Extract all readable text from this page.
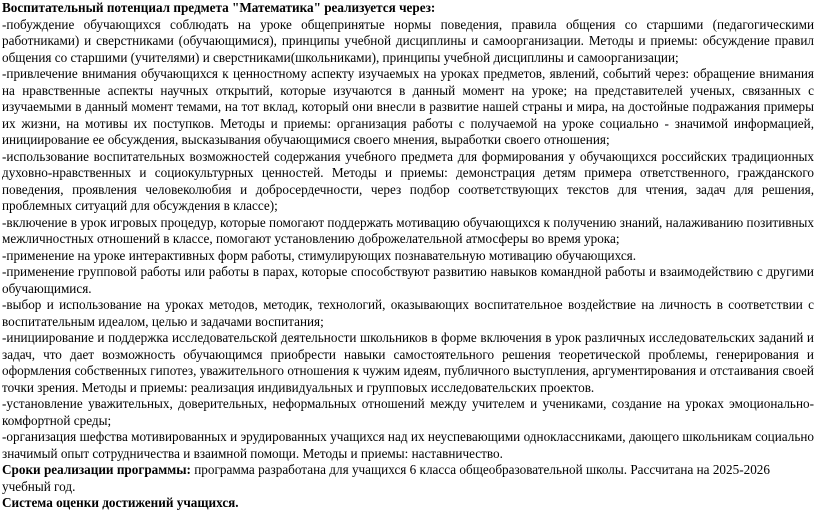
Воспитательный потенциал предмета "Математика" реализуется через:

-побуждение обучающихся соблюдать на уроке общепринятые нормы поведения, правила общения со старшими (педагогическими работниками) и сверстниками (обучающимися), принципы учебной дисциплины и самоорганизации. Методы и приемы: обсуждение правил общения со старшими (учителями) и сверстниками(школьниками), принципы учебной дисциплины и самоорганизации;

-привлечение внимания обучающихся к ценностному аспекту изучаемых на уроках предметов, явлений, событий через: обращение внимания на нравственные аспекты научных открытий, которые изучаются в данный момент на уроке; на представителей ученых, связанных с изучаемыми в данный момент темами, на тот вклад, который они внесли в развитие нашей страны и мира, на достойные подражания примеры их жизни, на мотивы их поступков. Методы и приемы: организация работы с получаемой на уроке социально - значимой информацией, инициирование ее обсуждения, высказывания обучающимися своего мнения, выработки своего отношения;

-использование воспитательных возможностей содержания учебного предмета для формирования у обучающихся российских традиционных духовно-нравственных и социокультурных ценностей. Методы и приемы: демонстрация детям примера ответственного, гражданского поведения, проявления человеколюбия и добросердечности, через подбор соответствующих текстов для чтения, задач для решения, проблемных ситуаций для обсуждения в классе);

-включение в урок игровых процедур, которые помогают поддержать мотивацию обучающихся к получению знаний, налаживанию позитивных межличностных отношений в классе, помогают установлению доброжелательной атмосферы во время урока;

-применение на уроке интерактивных форм работы, стимулирующих познавательную мотивацию обучающихся.

-применение групповой работы или работы в парах, которые способствуют развитию навыков командной работы и взаимодействию с другими обучающимися.

-выбор и использование на уроках методов, методик, технологий, оказывающих воспитательное воздействие на личность в соответствии с воспитательным идеалом, целью и задачами воспитания;

-инициирование и поддержка исследовательской деятельности школьников в форме включения в урок различных исследовательских заданий и задач, что дает возможность обучающимся приобрести навыки самостоятельного решения теоретической проблемы, генерирования и оформления собственных гипотез, уважительного отношения к чужим идеям, публичного выступления, аргументирования и отстаивания своей точки зрения. Методы и приемы: реализация индивидуальных и групповых исследовательских проектов.

-установление уважительных, доверительных, неформальных отношений между учителем и учениками, создание на уроках эмоционально-комфортной среды;

-организация шефства мотивированных и эрудированных учащихся над их неуспевающими одноклассниками, дающего школьникам социально значимый опыт сотрудничества и взаимной помощи. Методы и приемы: наставничество.

Сроки реализации программы: программа разработана для учащихся 6 класса общеобразовательной школы. Рассчитана на 2025-2026 учебный год.

Система оценки достижений учащихся.
